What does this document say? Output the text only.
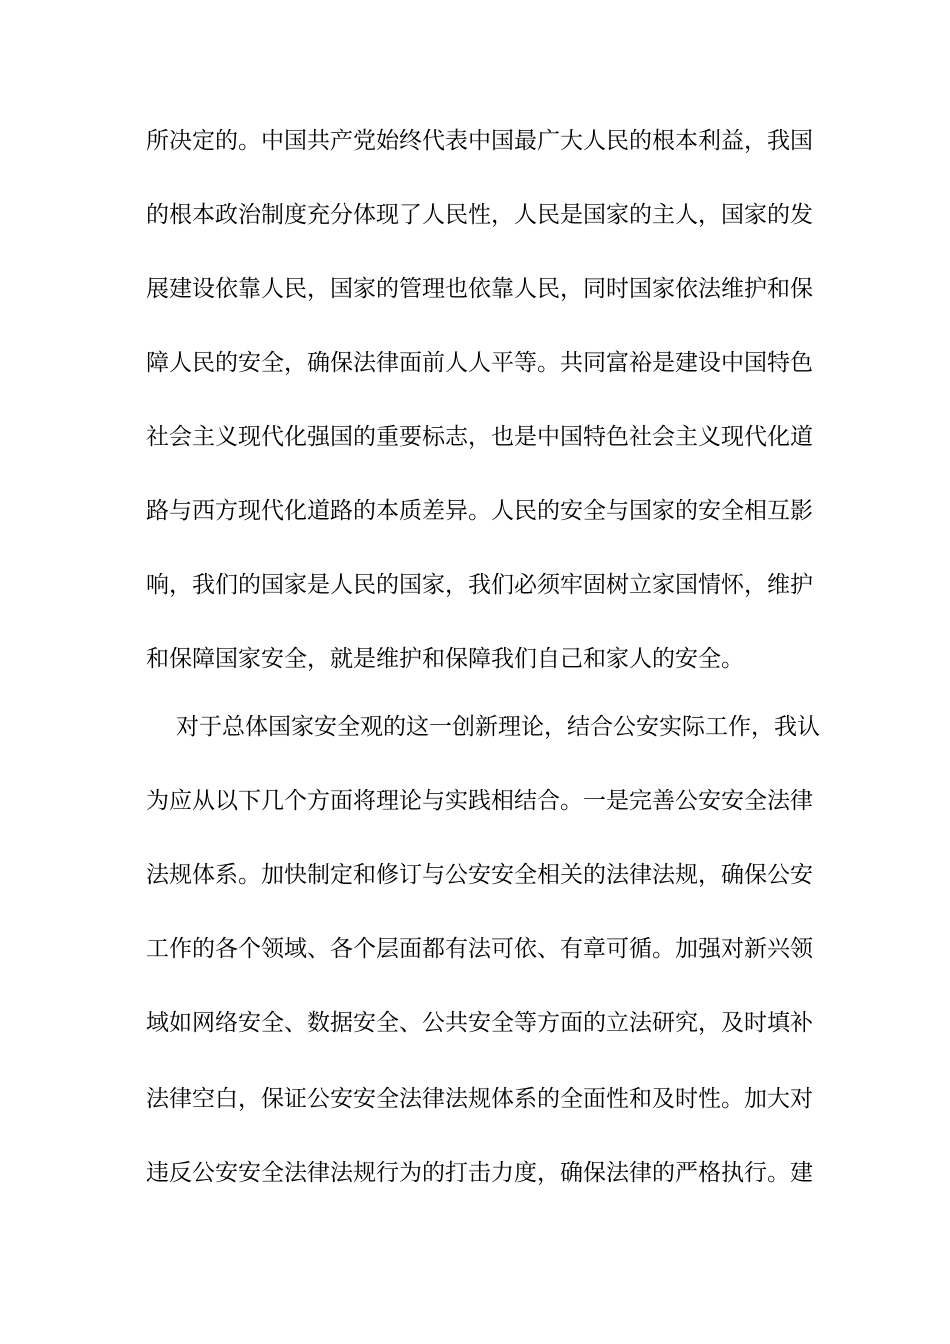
所决定的。中国共产党始终代表中国最广大人民的根本利益，我国
的根本政治制度充分体现了人民性，人民是国家的主人，国家的发
展建设依靠人民，国家的管理也依靠人民，同时国家依法维护和保
障人民的安全，确保法律面前人人平等。共同富裕是建设中国特色
社会主义现代化强国的重要标志，也是中国特色社会主义现代化道
路与西方现代化道路的本质差异。人民的安全与国家的安全相互影
响，我们的国家是人民的国家，我们必须牢固树立家国情怀，维护
和保障国家安全，就是维护和保障我们自己和家人的安全。
对于总体国家安全观的这一创新理论，结合公安实际工作，我认
为应从以下几个方面将理论与实践相结合。一是完善公安安全法律
法规体系。加快制定和修订与公安安全相关的法律法规，确保公安
工作的各个领域、各个层面都有法可依、有章可循。加强对新兴领
域如网络安全、数据安全、公共安全等方面的立法研究，及时填补
法律空白，保证公安安全法律法规体系的全面性和及时性。加大对
违反公安安全法律法规行为的打击力度，确保法律的严格执行。建
